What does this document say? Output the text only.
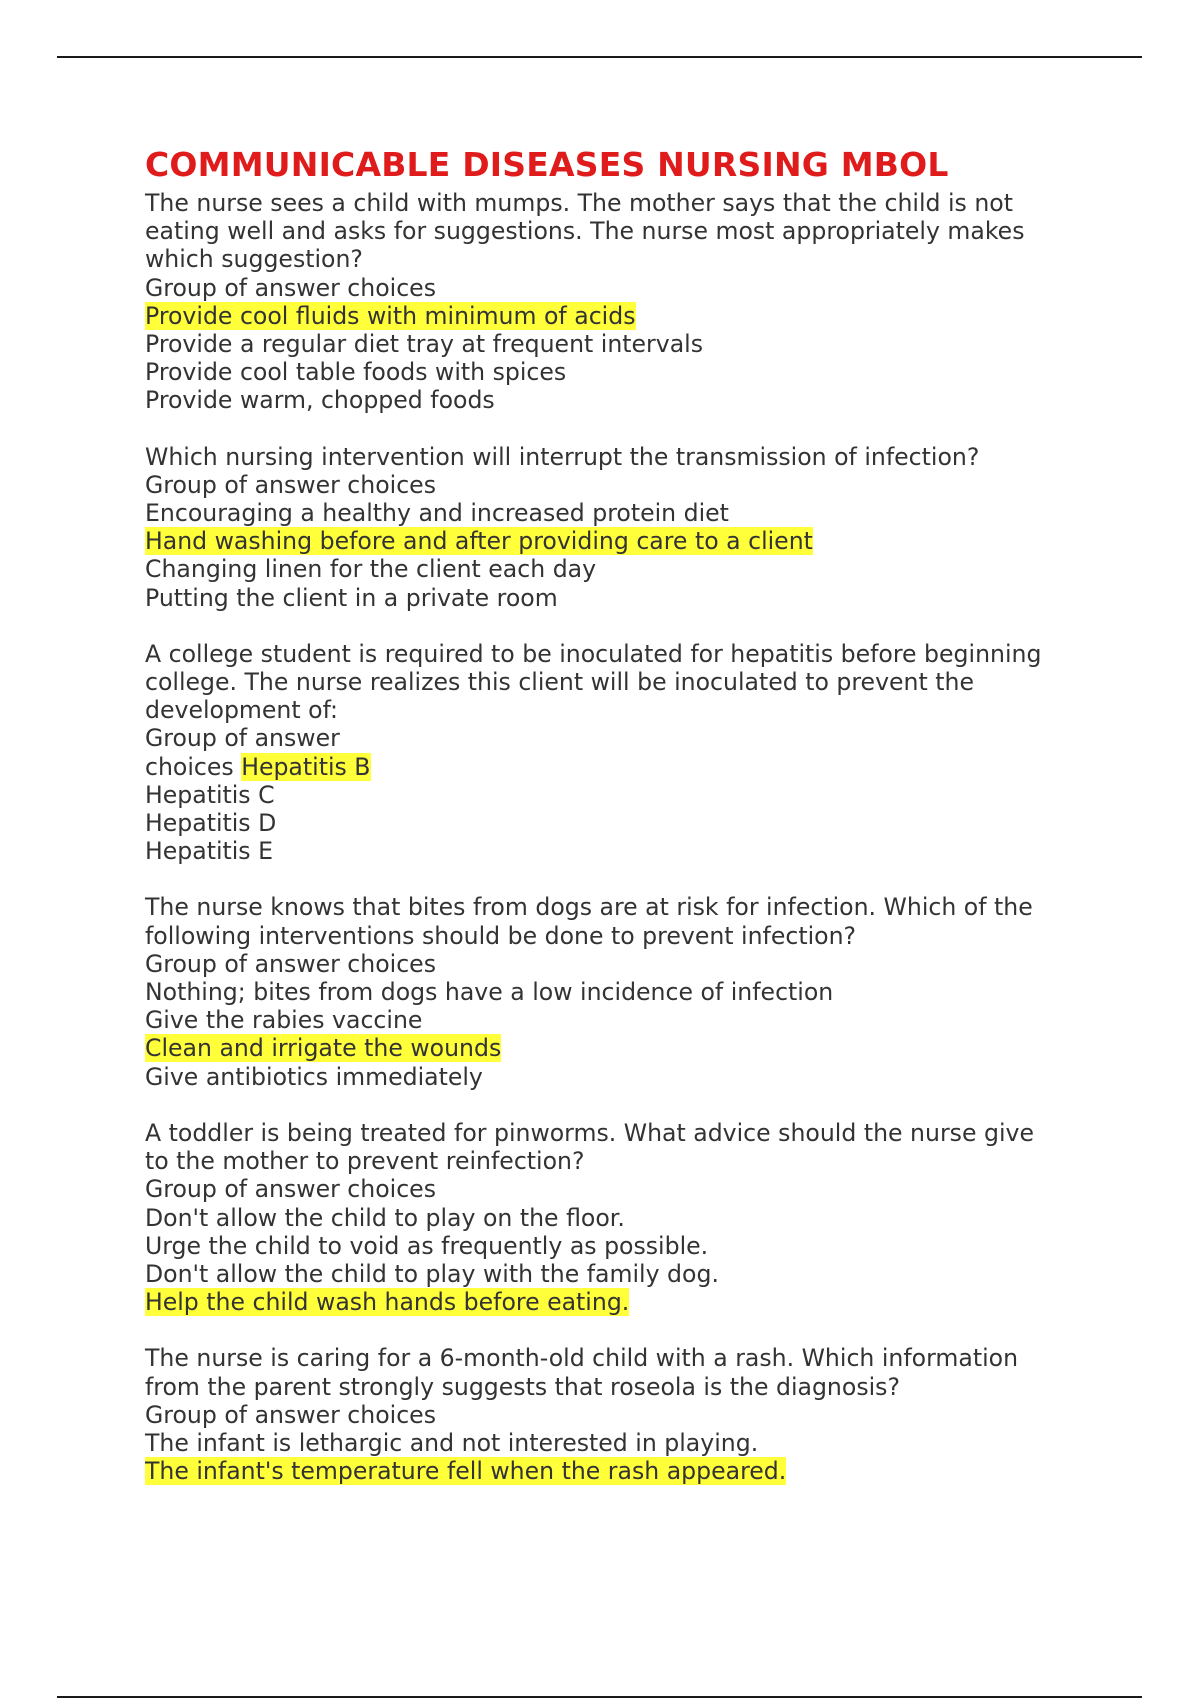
COMMUNICABLE DISEASES NURSING MBOL
The nurse sees a child with mumps. The mother says that the child is not
eating well and asks for suggestions. The nurse most appropriately makes
which suggestion?
Group of answer choices
Provide cool fluids with minimum of acids
Provide a regular diet tray at frequent intervals
Provide cool table foods with spices
Provide warm, chopped foods
Which nursing intervention will interrupt the transmission of infection?
Group of answer choices
Encouraging a healthy and increased protein diet
Hand washing before and after providing care to a client
Changing linen for the client each day
Putting the client in a private room
A college student is required to be inoculated for hepatitis before beginning
college. The nurse realizes this client will be inoculated to prevent the
development of:
Group of answer
choices Hepatitis B
Hepatitis C
Hepatitis D
Hepatitis E
The nurse knows that bites from dogs are at risk for infection. Which of the
following interventions should be done to prevent infection?
Group of answer choices
Nothing; bites from dogs have a low incidence of infection
Give the rabies vaccine
Clean and irrigate the wounds
Give antibiotics immediately
A toddler is being treated for pinworms. What advice should the nurse give
to the mother to prevent reinfection?
Group of answer choices
Don't allow the child to play on the floor.
Urge the child to void as frequently as possible.
Don't allow the child to play with the family dog.
Help the child wash hands before eating.
The nurse is caring for a 6-month-old child with a rash. Which information
from the parent strongly suggests that roseola is the diagnosis?
Group of answer choices
The infant is lethargic and not interested in playing.
The infant's temperature fell when the rash appeared.
